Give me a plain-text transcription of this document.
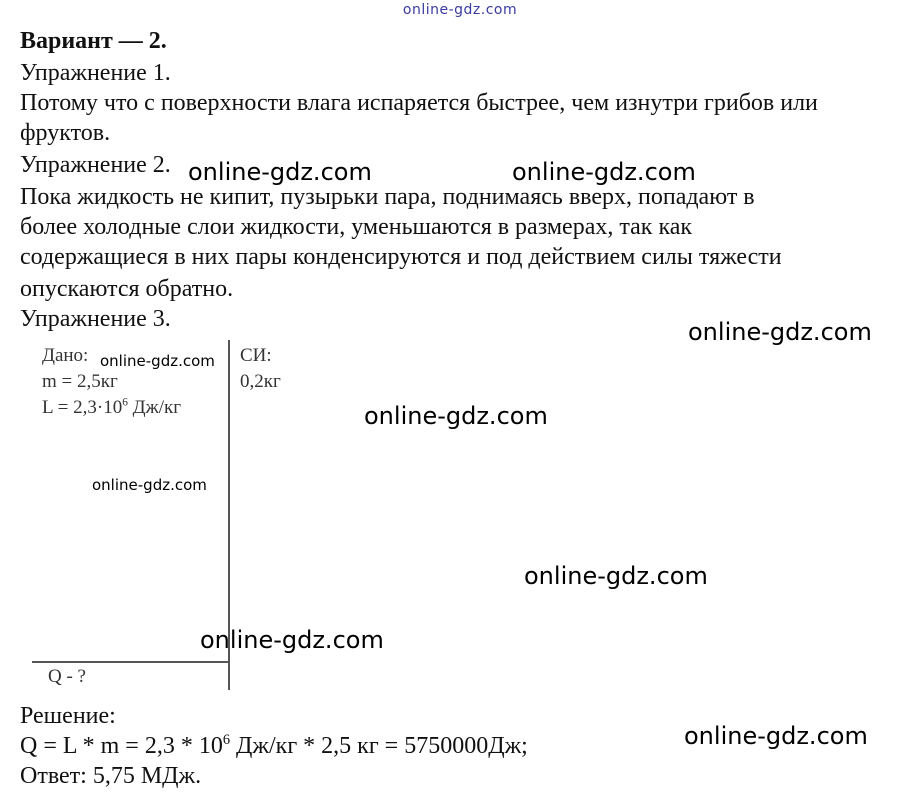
online-gdz.com
Вариант — 2.
Упражнение 1.
Потому что с поверхности влага испаряется быстрее, чем изнутри грибов или
фруктов.
Упражнение 2.
Пока жидкость не кипит, пузырьки пара, поднимаясь вверх, попадают в
более холодные слои жидкости, уменьшаются в размерах, так как
содержащиеся в них пары конденсируются и под действием силы тяжести
опускаются обратно.
Упражнение 3.
Дано:
m = 2,5кг
$L = 2,3\cdot 10^6$ Дж/кг
СИ:
0,2кг
Q - ?
Решение:
$Q = L * m = 2,3 * 10^6$ Дж/кг * 2,5 кг = 5750000Дж;
Ответ: 5,75 МДж.
online-gdz.com	online-gdz.com
online-gdz.com
online-gdz.com
online-gdz.com
online-gdz.com
online-gdz.com
online-gdz.com
online-gdz.com
